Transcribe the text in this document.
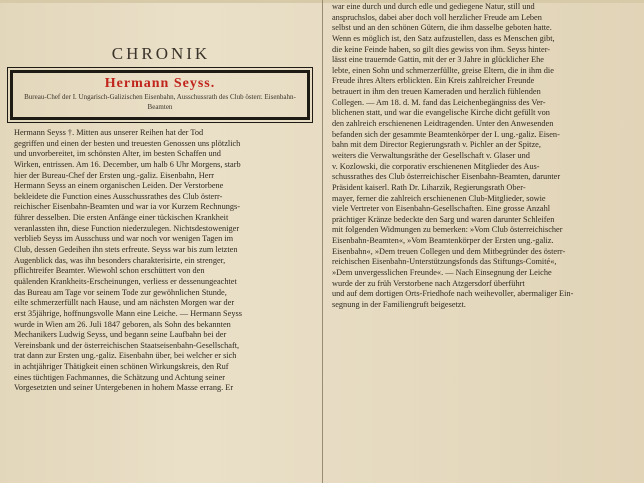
CHRONIK
Hermann Seyss.
Bureau-Chef der I. Ungarisch-Galizischen Eisenbahn, Ausschussrath des Club österr. Eisenbahn-Beamten
Hermann Seyss †. Mitten aus unserer Reihen hat der Tod
gegriffen und einen der besten und treuesten Genossen uns plötzlich
und unvorbereitet, im schönsten Alter, im besten Schaffen und
Wirken, entrissen. Am 16. December, um halb 6 Uhr Morgens, starb
hier der Bureau-Chef der Ersten ung.-galiz. Eisenbahn, Herr
Hermann Seyss an einem organischen Leiden. Der Verstorbene
bekleidete die Function eines Ausschussrathes des Club österr-
reichischer Eisenbahn-Beamten und war ia vor Kurzem Rechnungs-
führer desselben. Die ersten Anfänge einer tückischen Krankheit
veranlassten ihn, diese Function niederzulegen. Nichtsdestoweniger
verblieb Seyss im Ausschuss und war noch vor wenigen Tagen im
Club, dessen Gedeihen ihn stets erfreute. Seyss war bis zum letzten
Augenblick das, was ihn besonders charakterisirte, ein strenger,
pflichtreifer Beamter. Wiewohl schon erschüttert von den
quälenden Krankheits-Erscheinungen, verliess er dessenungeachtet
das Bureau am Tage vor seinem Tode zur gewöhnlichen Stunde,
eilte schmerzerfüllt nach Hause, und am nächsten Morgen war der
erst 35jährige, hoffnungsvolle Mann eine Leiche. — Hermann Seyss
wurde in Wien am 26. Juli 1847 geboren, als Sohn des bekannten
Mechanikers Ludwig Seyss, und begann seine Laufbahn bei der
Vereinsbank und der österreichischen Staatseisenbahn-Gesellschaft,
trat dann zur Ersten ung.-galiz. Eisenbahn über, bei welcher er sich
in achtjähriger Thätigkeit einen schönen Wirkungskreis, den Ruf
eines tüchtigen Fachmannes, die Schätzung und Achtung seiner
Vorgesetzten und seiner Untergebenen in hohem Masse errang. Er
war eine durch und durch edle und gediegene Natur, still und
anspruchslos, dabei aber doch voll herzlicher Freude am Leben
selbst und an den schönen Gütern, die ihm dasselbe geboten hatte.
Wenn es möglich ist, den Satz aufzustellen, dass es Menschen gibt,
die keine Feinde haben, so gilt dies gewiss von ihm. Seyss hinter-
lässt eine trauernde Gattin, mit der er 3 Jahre in glücklicher Ehe
lebte, einen Sohn und schmerzerfüllte, greise Eltern, die in ihm die
Freude ihres Alters erblickten. Ein Kreis zahlreicher Freunde
betrauert in ihm den treuen Kameraden und herzlich fühlenden
Collegen. — Am 18. d. M. fand das Leichenbegängniss des Ver-
blichenen statt, und war die evangelische Kirche dicht gefüllt von
den zahlreich erschienenen Leidtragenden. Unter den Anwesenden
befanden sich der gesammte Beamtenkörper der I. ung.-galiz. Eisen-
bahn mit dem Director Regierungsrath v. Pichler an der Spitze,
weiters die Verwaltungsräthe der Gesellschaft v. Glaser und
v. Kozlowski, die corporativ erschienenen Mitglieder des Aus-
schussrathes des Club österreichischer Eisenbahn-Beamten, darunter
Präsident kaiserl. Rath Dr. Liharzik, Regierungsrath Ober-
mayer, ferner die zahlreich erschienenen Club-Mitglieder, sowie
viele Vertreter von Eisenbahn-Gesellschaften. Eine grosse Anzahl
prächtiger Kränze bedeckte den Sarg und waren darunter Schleifen
mit folgenden Widmungen zu bemerken: »Vom Club österreichischer
Eisenbahn-Beamten«, »Vom Beamtenkörper der Ersten ung.-galiz.
Eisenbahn«, »Dem treuen Collegen und dem Mitbegründer des österr-
reichischen Eisenbahn-Unterstützungsfonds das Stiftungs-Comité«,
»Dem unvergesslichen Freunde«. — Nach Einsegnung der Leiche
wurde der zu früh Verstorbene nach Atzgersdorf überführt
und auf dem dortigen Orts-Friedhofe nach weihevoller, abermaliger Ein-
segnung in der Familiengruft beigesetzt.
